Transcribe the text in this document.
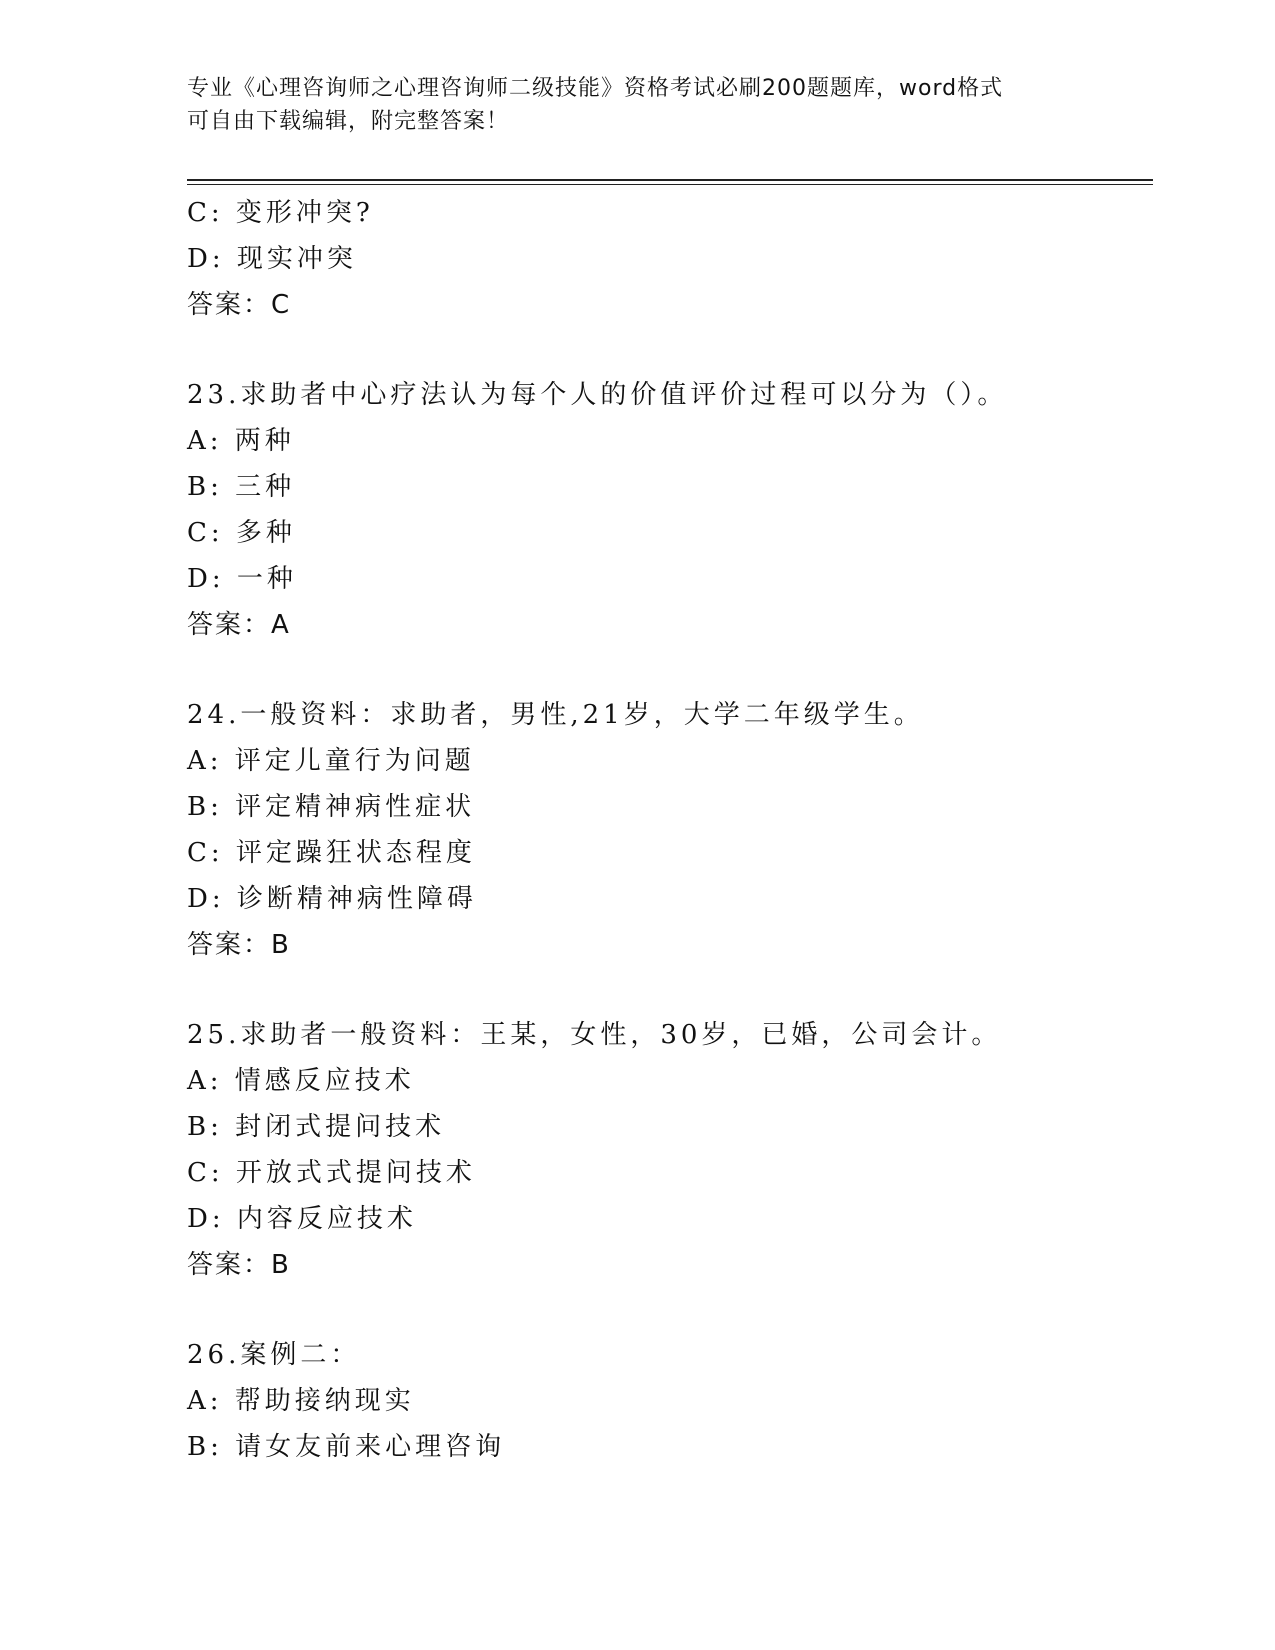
专业《心理咨询师之心理咨询师二级技能》资格考试必刷200题题库，word格式
可自由下载编辑，附完整答案！
C: 变形冲突?
D: 现实冲突
答案：C
23.求助者中心疗法认为每个人的价值评价过程可以分为（）。
A: 两种
B: 三种
C: 多种
D: 一种
答案：A
24.一般资料：求助者，男性,21岁，大学二年级学生。
A: 评定儿童行为问题
B: 评定精神病性症状
C: 评定躁狂状态程度
D: 诊断精神病性障碍
答案：B
25.求助者一般资料：王某，女性，30岁，已婚，公司会计。
A: 情感反应技术
B: 封闭式提问技术
C: 开放式式提问技术
D: 内容反应技术
答案：B
26.案例二：
A: 帮助接纳现实
B: 请女友前来心理咨询
